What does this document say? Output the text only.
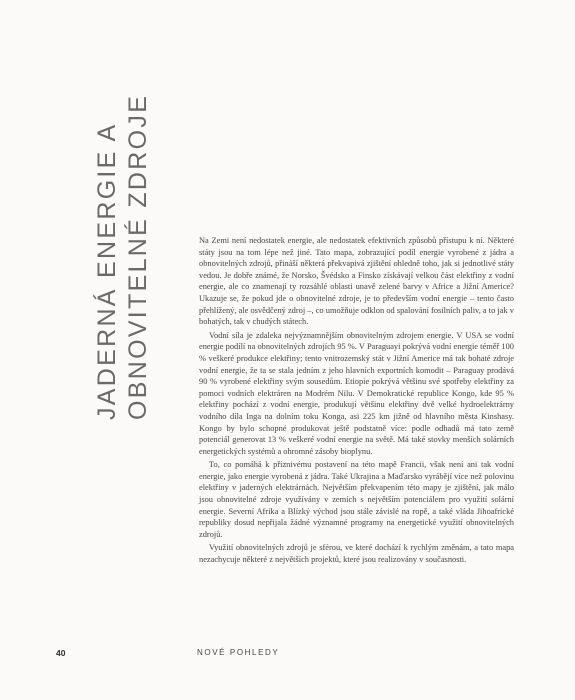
JADERNÁ ENERGIE A OBNOVITELNÉ ZDROJE	Na Zemi není nedostatek energie, ale nedostatek efektivních způsobů přístupu k ní. Některé státy jsou na tom lépe než jiné. Tato mapa, zobrazující podíl energie vyrobené z jádra a obnovitelných zdrojů, přináší některá překvapivá zjištění ohledně toho, jak si jednotlivé státy vedou. Je dobře známé, že Norsko, Švédsko a Finsko získávají velkou část elektřiny z vodní energie, ale co znamenají ty rozsáhlé oblasti unavě zelené barvy v Africe a Jižní Americe? Ukazuje se, že pokud jde o obnovitelné zdroje, je to především vodní energie – tento často přehlížený, ale osvědčený zdroj –, co umožňuje odklon od spalování fosilních paliv, a to jak v bohatých, tak v chudých státech.

Vodní síla je zdaleka nejvýznamnějším obnovitelným zdrojem energie. V USA se vodní energie podílí na obnovitelných zdrojích 95 %. V Paraguayi pokrývá vodní energie téměř 100 % veškeré produkce elektřiny; tento vnitrozemský stát v Jižní Americe má tak bohaté zdroje vodní energie, že ta se stala jedním z jeho hlavních exportních komodit – Paraguay prodává 90 % vyrobené elektřiny svým sousedům. Etiopie pokrývá většinu své spotřeby elektřiny za pomoci vodních elektráren na Modrém Nilu. V Demokratické republice Kongo, kde 95 % elektřiny pochází z vodní energie, produkují většinu elektřiny dvě velké hydroelektrárny vodního díla Inga na dolním toku Konga, asi 225 km jižně od hlavního města Kinshasy. Kongo by bylo schopné produkovat ještě podstatně více: podle odhadů má tato země potenciál generovat 13 % veškeré vodní energie na světě. Má také stovky menších solárních energetických systémů a ohromné zásoby bioplynu.

To, co pomáhá k příznivému postavení na této mapě Francii, však není ani tak vodní energie, jako energie vyrobená z jádra. Také Ukrajina a Maďarsko vyrábějí více než polovinu elektřiny v jaderných elektrárnách. Největším překvapením této mapy je zjištění, jak málo jsou obnovitelné zdroje využívány v zemích s největším potenciálem pro využití solární energie. Severní Afrika a Blízký východ jsou stále závislé na ropě, a také vláda Jihoafrické republiky dosud nepřijala žádné významné programy na energetické využití obnovitelných zdrojů.

Využití obnovitelných zdrojů je sférou, ve které dochází k rychlým změnám, a tato mapa nezachycuje některé z největších projektů, které jsou realizovány v současnosti.

40	NOVÉ POHLEDY
